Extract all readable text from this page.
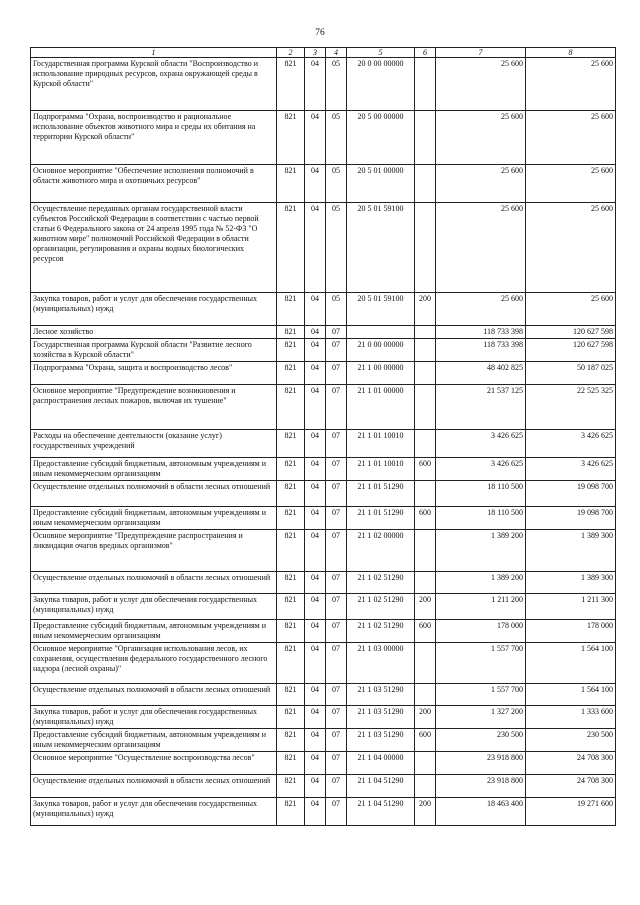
76
1	2	3	4	5	6	7	8
Государственная программа Курской области "Воспроизводство и использование природных ресурсов, охрана окружающей среды в Курской области"	821	04	05	20 0 00 00000		25 600	25 600
Подпрограмма "Охрана, воспроизводство и рациональное использование объектов животного мира и среды их обитания на территории Курской области"	821	04	05	20 5 00 00000		25 600	25 600
Основное мероприятие "Обеспечение исполнения полномочий в области животного мира и охотничьих ресурсов"	821	04	05	20 5 01 00000		25 600	25 600
Осуществление переданных органам государственной власти субъектов Российской Федерации в соответствии с частью первой статьи 6 Федерального закона от 24 апреля 1995 года № 52-ФЗ "О животном мире" полномочий Российской Федерации в области организации, регулирования и охраны водных биологических ресурсов	821	04	05	20 5 01 59100		25 600	25 600
Закупка товаров, работ и услуг для обеспечения государственных (муниципальных) нужд	821	04	05	20 5 01 59100	200	25 600	25 600
Лесное хозяйство	821	04	07			118 733 398	120 627 598
Государственная программа Курской области "Развитие лесного хозяйства в Курской области"	821	04	07	21 0 00 00000		118 733 398	120 627 598
Подпрограмма "Охрана, защита и воспроизводство лесов"	821	04	07	21 1 00 00000		48 402 825	50 187 025
Основное мероприятие "Предупреждение возникновения и распространения лесных пожаров, включая их тушение"	821	04	07	21 1 01 00000		21 537 125	22 525 325
Расходы на обеспечение деятельности (оказание услуг) государственных учреждений	821	04	07	21 1 01 10010		3 426 625	3 426 625
Предоставление субсидий бюджетным, автономным учреждениям и иным некоммерческим организациям	821	04	07	21 1 01 10010	600	3 426 625	3 426 625
Осуществление отдельных полномочий в области лесных отношений	821	04	07	21 1 01 51290		18 110 500	19 098 700
Предоставление субсидий бюджетным, автономным учреждениям и иным некоммерческим организациям	821	04	07	21 1 01 51290	600	18 110 500	19 098 700
Основное мероприятие "Предупреждение распространения и ликвидация очагов вредных организмов"	821	04	07	21 1 02 00000		1 389 200	1 389 300
Осуществление отдельных полномочий в области лесных отношений	821	04	07	21 1 02 51290		1 389 200	1 389 300
Закупка товаров, работ и услуг для обеспечения государственных (муниципальных) нужд	821	04	07	21 1 02 51290	200	1 211 200	1 211 300
Предоставление субсидий бюджетным, автономным учреждениям и иным некоммерческим организациям	821	04	07	21 1 02 51290	600	178 000	178 000
Основное мероприятие "Организация использования лесов, их сохранения, осуществления федерального государственного лесного надзора (лесной охраны)"	821	04	07	21 1 03 00000		1 557 700	1 564 100
Осуществление отдельных полномочий в области лесных отношений	821	04	07	21 1 03 51290		1 557 700	1 564 100
Закупка товаров, работ и услуг для обеспечения государственных (муниципальных) нужд	821	04	07	21 1 03 51290	200	1 327 200	1 333 600
Предоставление субсидий бюджетным, автономным учреждениям и иным некоммерческим организациям	821	04	07	21 1 03 51290	600	230 500	230 500
Основное мероприятие "Осуществление воспроизводства лесов"	821	04	07	21 1 04 00000		23 918 800	24 708 300
Осуществление отдельных полномочий в области лесных отношений	821	04	07	21 1 04 51290		23 918 800	24 708 300
Закупка товаров, работ и услуг для обеспечения государственных (муниципальных) нужд	821	04	07	21 1 04 51290	200	18 463 400	19 271 600
